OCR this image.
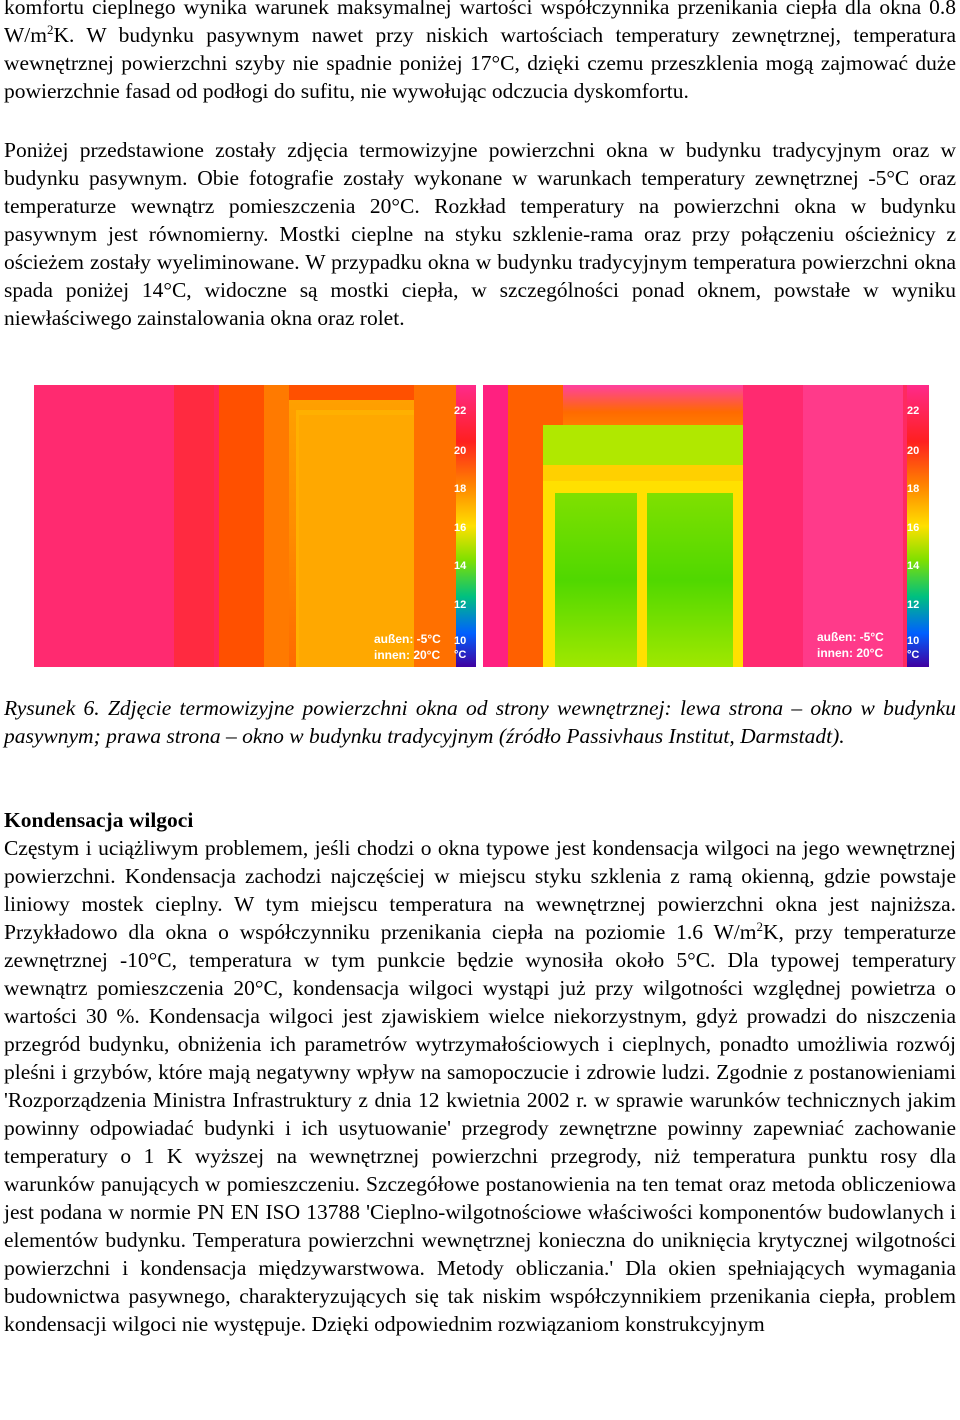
komfortu cieplnego wynika warunek maksymalnej wartości współczynnika przenikania ciepła dla okna 0.8 $W/m^2K$. W budynku pasywnym nawet przy niskich wartościach temperatury zewnętrznej, temperatura wewnętrznej powierzchni szyby nie spadnie poniżej 17°C, dzięki czemu przeszklenia mogą zajmować duże powierzchnie fasad od podłogi do sufitu, nie wywołując odczucia dyskomfortu.

Poniżej przedstawione zostały zdjęcia termowizyjne powierzchni okna w budynku tradycyjnym oraz w budynku pasywnym. Obie fotografie zostały wykonane w warunkach temperatury zewnętrznej -5°C oraz temperaturze wewnątrz pomieszczenia 20°C. Rozkład temperatury na powierzchni okna w budynku pasywnym jest równomierny. Mostki cieplne na styku szklenie-rama oraz przy połączeniu ościeżnicy z ościeżem zostały wyeliminowane. W przypadku okna w budynku tradycyjnym temperatura powierzchni okna spada poniżej 14°C, widoczne są mostki ciepła, w szczególności ponad oknem, powstałe w wyniku niewłaściwego zainstalowania okna oraz rolet.

22
20
18
16
14
12
10
°C
außen: -5°C
innen: 20°C
22
20
18
16
14
12
10
°C
außen: -5°C
innen: 20°C

Rysunek 6. Zdjęcie termowizyjne powierzchni okna od strony wewnętrznej: lewa strona – okno w budynku pasywnym; prawa strona – okno w budynku tradycyjnym (źródło Passivhaus Institut, Darmstadt).

Kondensacja wilgoci

Częstym i uciążliwym problemem, jeśli chodzi o okna typowe jest kondensacja wilgoci na jego wewnętrznej powierzchni. Kondensacja zachodzi najczęściej w miejscu styku szklenia z ramą okienną, gdzie powstaje liniowy mostek cieplny. W tym miejscu temperatura na wewnętrznej powierzchni okna jest najniższa. Przykładowo dla okna o współczynniku przenikania ciepła na poziomie 1.6 $W/m^2K$, przy temperaturze zewnętrznej -10°C, temperatura w tym punkcie będzie wynosiła około 5°C. Dla typowej temperatury wewnątrz pomieszczenia 20°C, kondensacja wilgoci wystąpi już przy wilgotności względnej powietrza o wartości 30 %. Kondensacja wilgoci jest zjawiskiem wielce niekorzystnym, gdyż prowadzi do niszczenia przegród budynku, obniżenia ich parametrów wytrzymałościowych i cieplnych, ponadto umożliwia rozwój pleśni i grzybów, które mają negatywny wpływ na samopoczucie i zdrowie ludzi. Zgodnie z postanowieniami 'Rozporządzenia Ministra Infrastruktury z dnia 12 kwietnia 2002 r. w sprawie warunków technicznych jakim powinny odpowiadać budynki i ich usytuowanie' przegrody zewnętrzne powinny zapewniać zachowanie temperatury o 1 K wyższej na wewnętrznej powierzchni przegrody, niż temperatura punktu rosy dla warunków panujących w pomieszczeniu. Szczegółowe postanowienia na ten temat oraz metoda obliczeniowa jest podana w normie PN EN ISO 13788 'Cieplno-wilgotnościowe właściwości komponentów budowlanych i elementów budynku. Temperatura powierzchni wewnętrznej konieczna do uniknięcia krytycznej wilgotności powierzchni i kondensacja międzywarstwowa. Metody obliczania.' Dla okien spełniających wymagania budownictwa pasywnego, charakteryzujących się tak niskim współczynnikiem przenikania ciepła, problem kondensacji wilgoci nie występuje. Dzięki odpowiednim rozwiązaniom konstrukcyjnym
